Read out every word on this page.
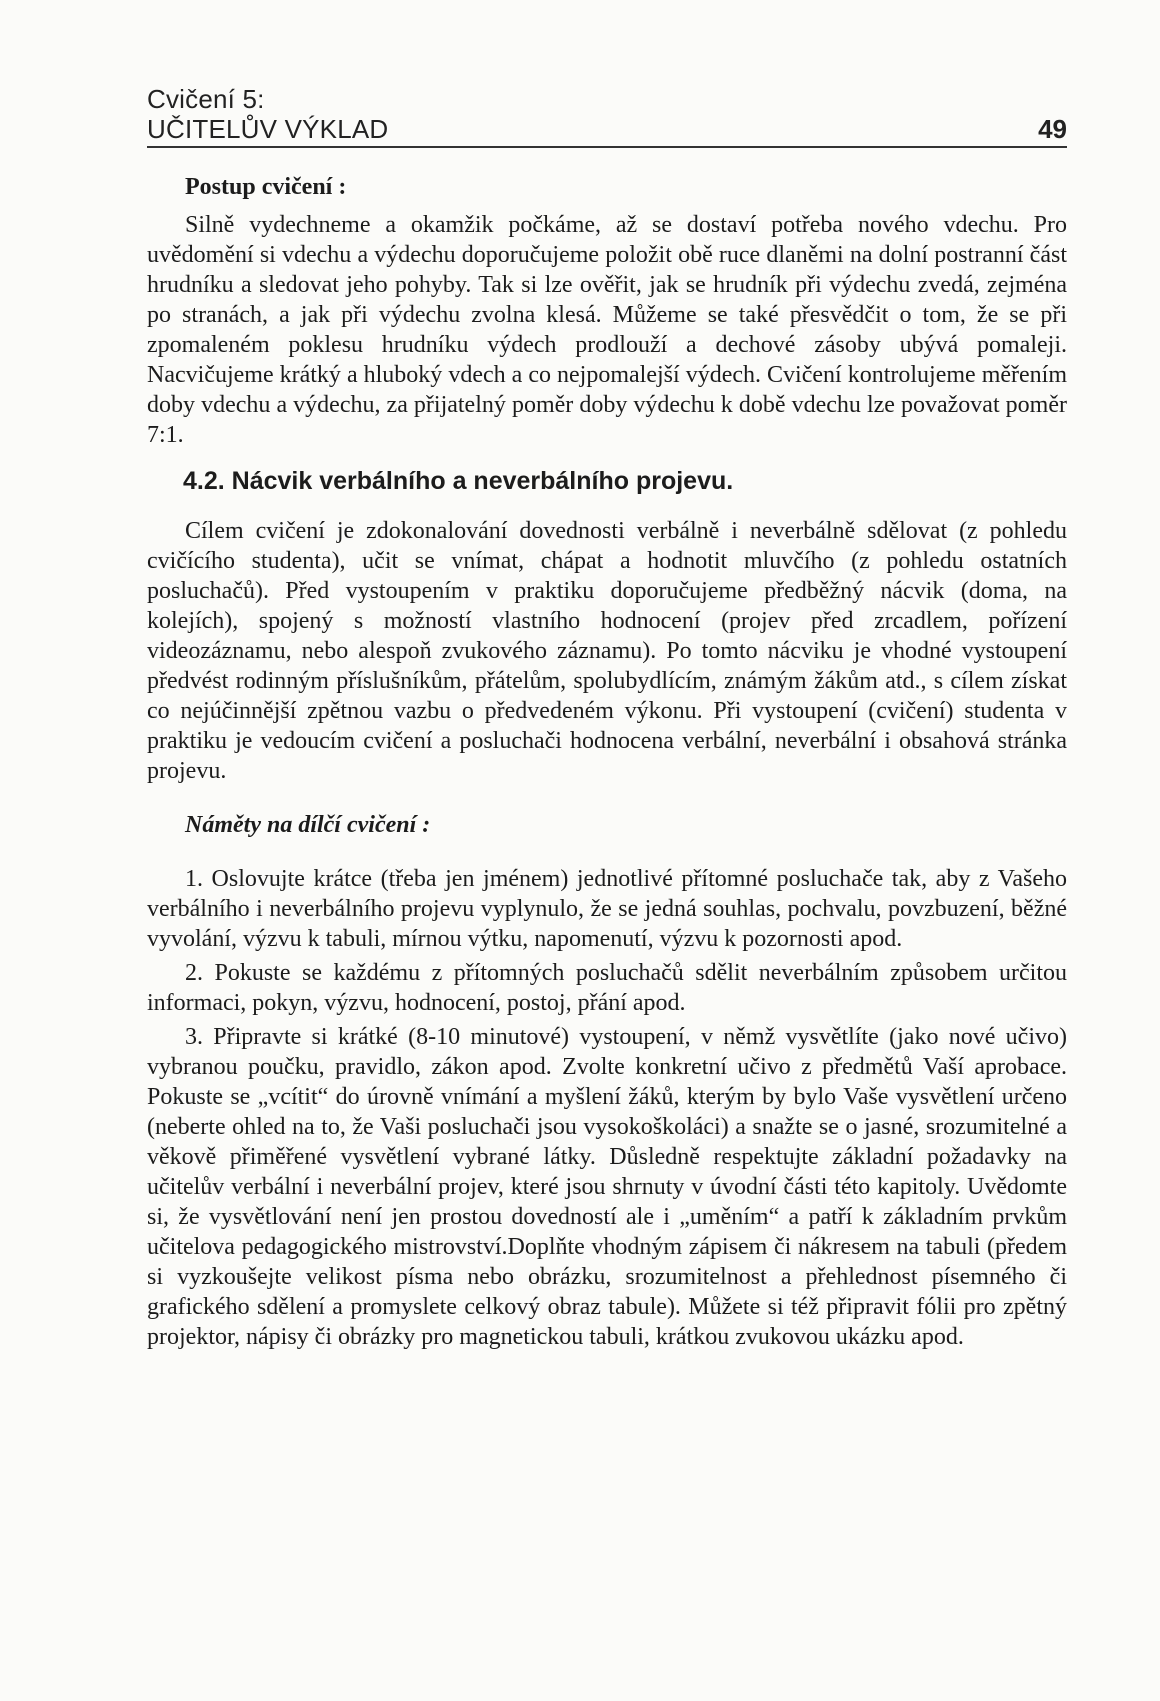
Cvičení 5:
UČITELŮV VÝKLAD	49

Postup cvičení :

Silně vydechneme a okamžik počkáme, až se dostaví potřeba nového vdechu. Pro uvědomění si vdechu a výdechu doporučujeme položit obě ruce dlaněmi na dolní postranní část hrudníku a sledovat jeho pohyby. Tak si lze ověřit, jak se hrudník při výdechu zvedá, zejména po stranách, a jak při výdechu zvolna klesá. Můžeme se také přesvědčit o tom, že se při zpomaleném poklesu hrudníku výdech prodlouží a dechové zásoby ubývá pomaleji. Nacvičujeme krátký a hluboký vdech a co nejpomalejší výdech. Cvičení kontrolujeme měřením doby vdechu a výdechu, za přijatelný poměr doby výdechu k době vdechu lze považovat poměr 7:1.

4.2. Nácvik verbálního a neverbálního projevu.

Cílem cvičení je zdokonalování dovednosti verbálně i neverbálně sdělovat (z pohledu cvičícího studenta), učit se vnímat, chápat a hodnotit mluvčího (z pohledu ostatních posluchačů). Před vystoupením v praktiku doporučujeme předběžný nácvik (doma, na kolejích), spojený s možností vlastního hodnocení (projev před zrcadlem, pořízení videozáznamu, nebo alespoň zvukového záznamu). Po tomto nácviku je vhodné vystoupení předvést rodinným příslušníkům, přátelům, spolubydlícím, známým žákům atd., s cílem získat co nejúčinnější zpětnou vazbu o předvedeném výkonu. Při vystoupení (cvičení) studenta v praktiku je vedoucím cvičení a posluchači hodnocena verbální, neverbální i obsahová stránka projevu.

Náměty na dílčí cvičení :

1. Oslovujte krátce (třeba jen jménem) jednotlivé přítomné posluchače tak, aby z Vašeho verbálního i neverbálního projevu vyplynulo, že se jedná souhlas, pochvalu, povzbuzení, běžné vyvolání, výzvu k tabuli, mírnou výtku, napomenutí, výzvu k pozornosti apod.

2. Pokuste se každému z přítomných posluchačů sdělit neverbálním způsobem určitou informaci, pokyn, výzvu, hodnocení, postoj, přání apod.

3. Připravte si krátké (8-10 minutové) vystoupení, v němž vysvětlíte (jako nové učivo) vybranou poučku, pravidlo, zákon apod. Zvolte konkretní učivo z předmětů Vaší aprobace. Pokuste se „vcítit“ do úrovně vnímání a myšlení žáků, kterým by bylo Vaše vysvětlení určeno (neberte ohled na to, že Vaši posluchači jsou vysokoškoláci) a snažte se o jasné, srozumitelné a věkově přiměřené vysvětlení vybrané látky. Důsledně respektujte základní požadavky na učitelův verbální i neverbální projev, které jsou shrnuty v úvodní části této kapitoly. Uvědomte si, že vysvětlování není jen prostou dovedností ale i „uměním“ a patří k základním prvkům učitelova pedagogického mistrovství.Doplňte vhodným zápisem či nákresem na tabuli (předem si vyzkoušejte velikost písma nebo obrázku, srozumitelnost a přehlednost písemného či grafického sdělení a promyslete celkový obraz tabule). Můžete si též připravit fólii pro zpětný projektor, nápisy či obrázky pro magnetickou tabuli, krátkou zvukovou ukázku apod.
